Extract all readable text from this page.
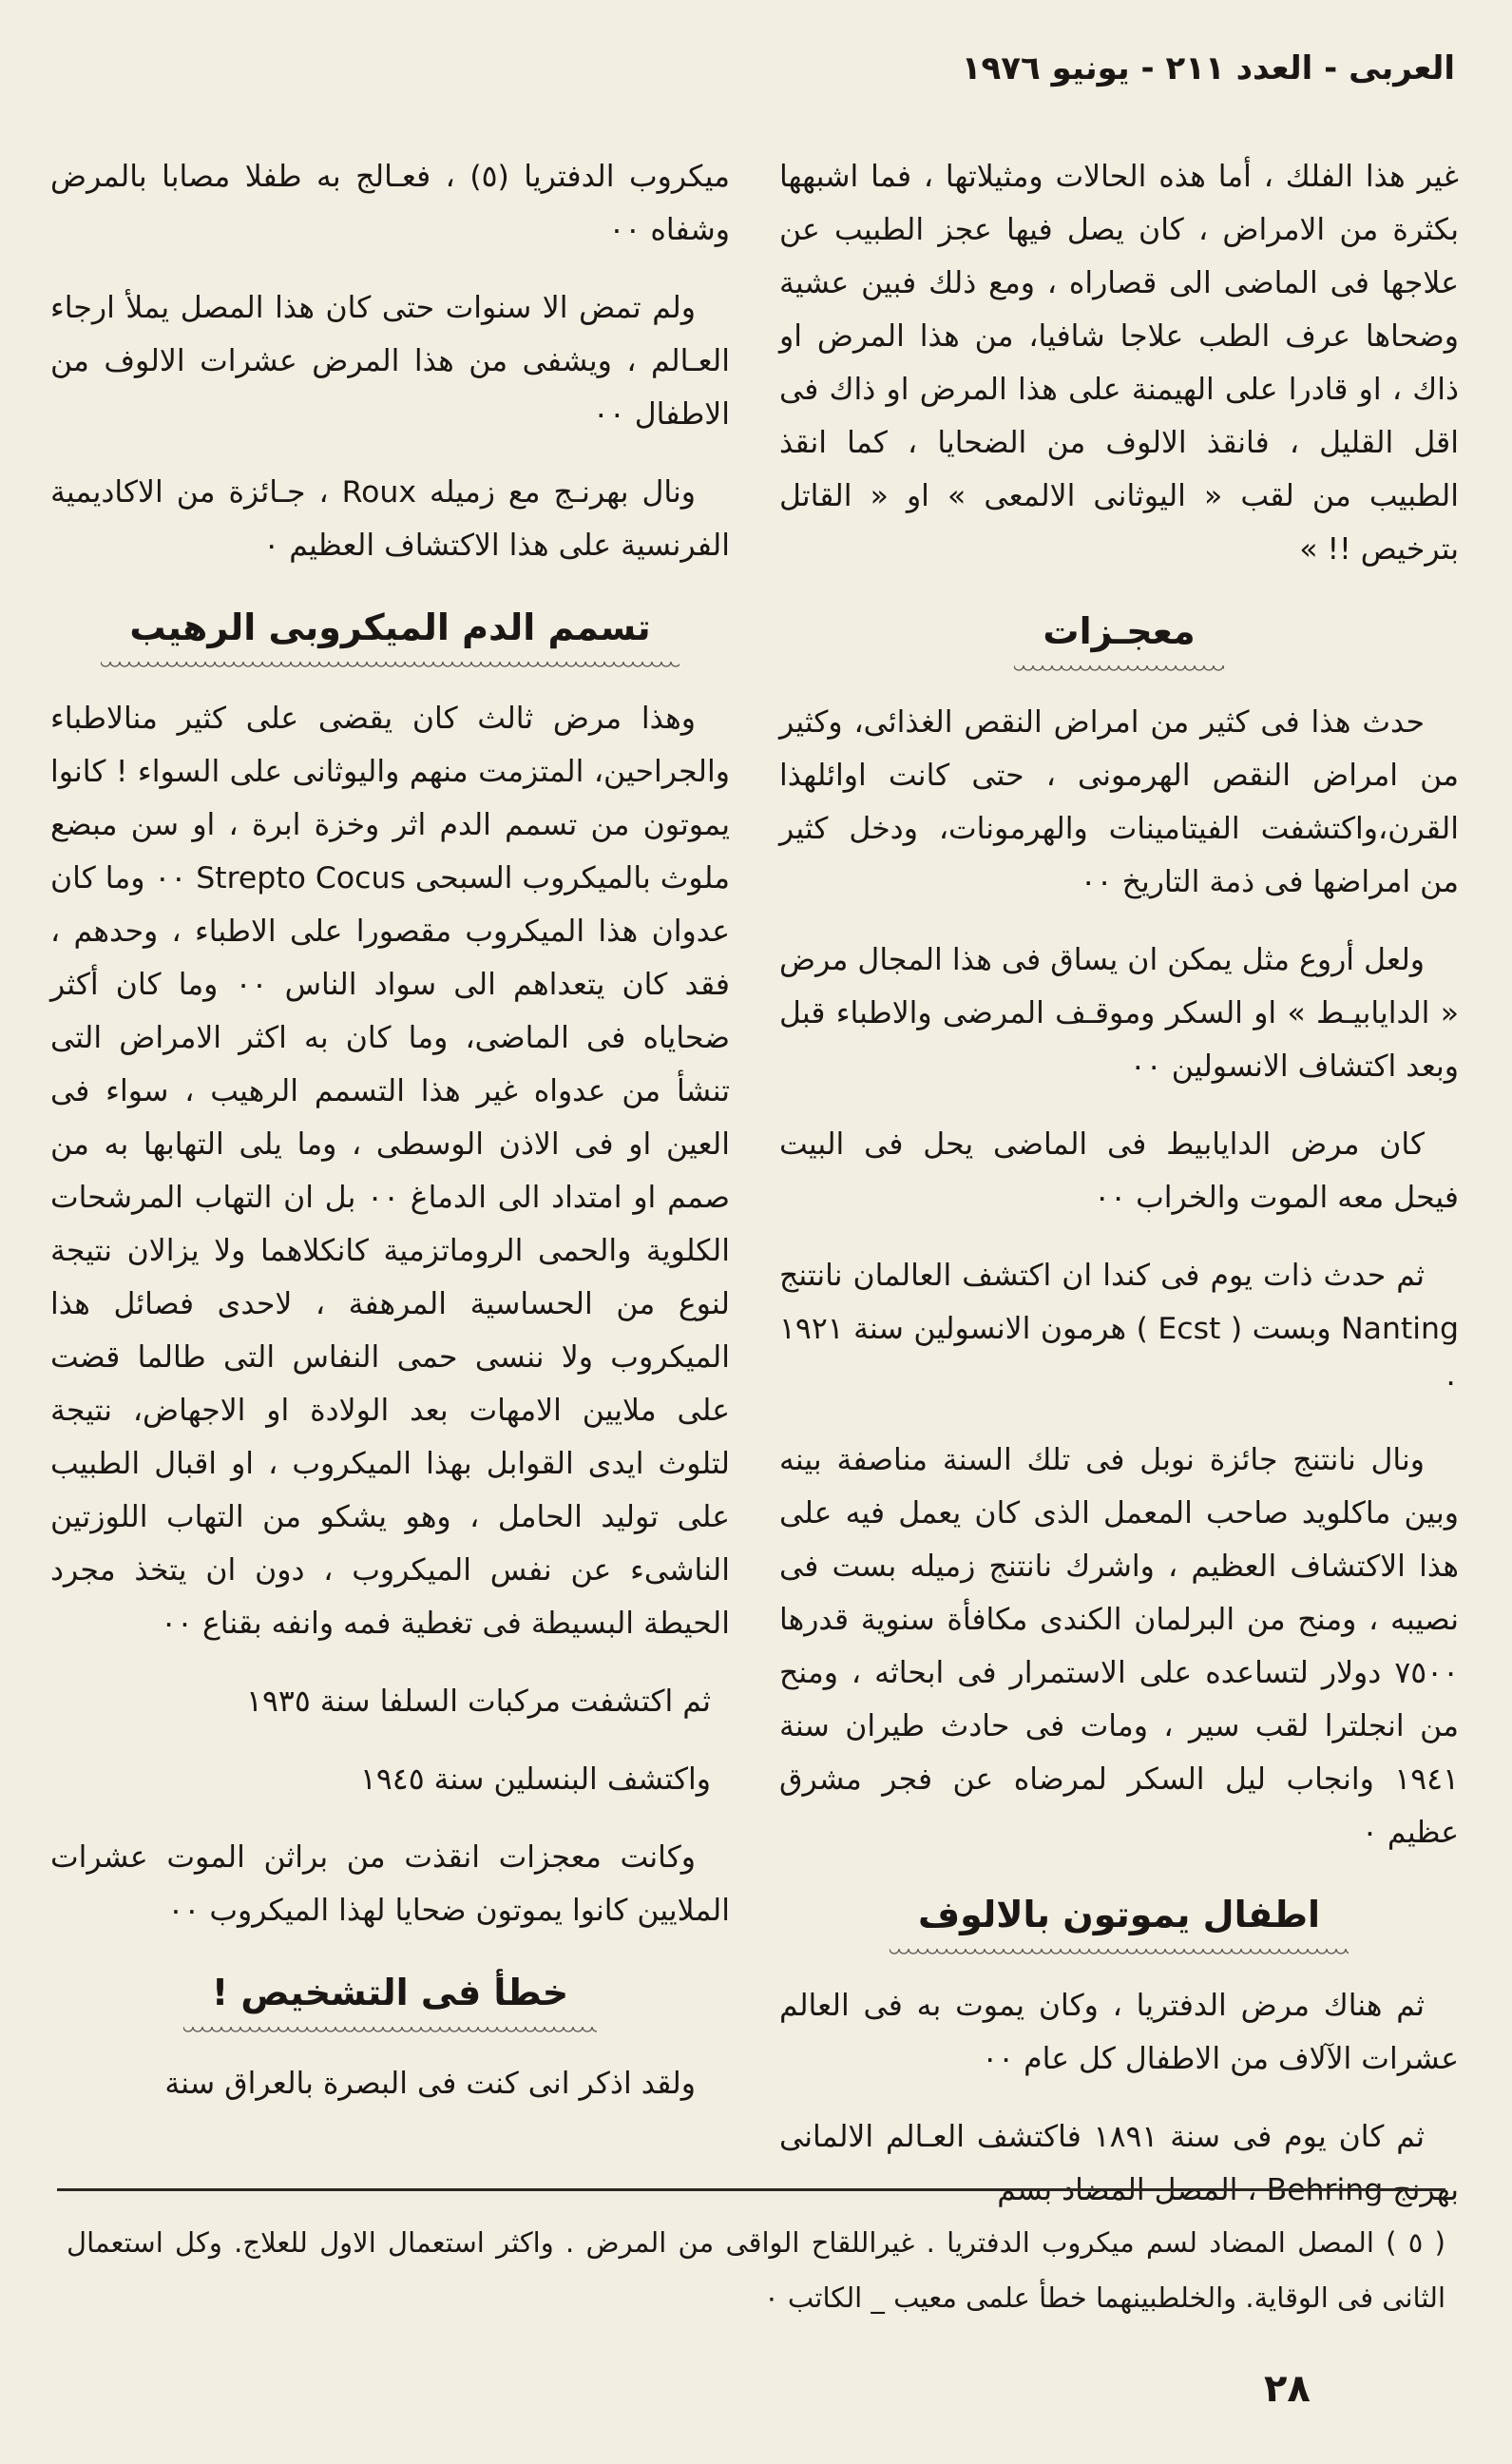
العربى - العدد ٢١١ - يونيو ١٩٧٦

غير هذا الفلك ، أما هذه الحالات ومثيلاتها ، فما اشبهها بكثرة من الامراض ، كان يصل فيها عجز الطبيب عن علاجها فى الماضى الى قصاراه ، ومع ذلك فبين عشية وضحاها عرف الطب علاجا شافيا، من هذا المرض او ذاك ، او قادرا على الهيمنة على هذا المرض او ذاك فى اقل القليل ، فانقذ الالوف من الضحايا ، كما انقذ الطبيب من لقب « اليوثانى الالمعى » او « القاتل بترخيص !! »

معجـزات

حدث هذا فى كثير من امراض النقص الغذائى، وكثير من امراض النقص الهرمونى ، حتى كانت اوائلهذا القرن،واكتشفت الفيتامينات والهرمونات، ودخل كثير من امراضها فى ذمة التاريخ ٠٠

ولعل أروع مثل يمكن ان يساق فى هذا المجال مرض « الدايابيـط » او السكر وموقـف المرضى والاطباء قبل وبعد اكتشاف الانسولين ٠٠

كان مرض الدايابيط فى الماضى يحل فى البيت فيحل معه الموت والخراب ٠٠

ثم حدث ذات يوم فى كندا ان اكتشف العالمان نانتنج Nanting وبست ( Ecst ) هرمون الانسولين سنة ١٩٢١ ٠

ونال نانتنج جائزة نوبل فى تلك السنة مناصفة بينه وبين ماكلويد صاحب المعمل الذى كان يعمل فيه على هذا الاكتشاف العظيم ، واشرك نانتنج زميله بست فى نصيبه ، ومنح من البرلمان الكندى مكافأة سنوية قدرها ٧٥٠٠ دولار لتساعده على الاستمرار فى ابحاثه ، ومنح من انجلترا لقب سير ، ومات فى حادث طيران سنة ١٩٤١ وانجاب ليل السكر لمرضاه عن فجر مشرق عظيم ٠

اطفال يموتون بالالوف

ثم هناك مرض الدفتريا ، وكان يموت به فى العالم عشرات الآلاف من الاطفال كل عام ٠٠

ثم كان يوم فى سنة ١٨٩١ فاكتشف العـالم الالمانى بهرنج Behring ، المصل المضاد بسم

ميكروب الدفتريا (٥) ، فعـالج به طفلا مصابا بالمرض وشفاه ٠٠

ولم تمض الا سنوات حتى كان هذا المصل يملأ ارجاء العـالم ، ويشفى من هذا المرض عشرات الالوف من الاطفال ٠٠

ونال بهرنـج مع زميله Roux ، جـائزة من الاكاديمية الفرنسية على هذا الاكتشاف العظيم ٠

تسمم الدم الميكروبى الرهيب

وهذا مرض ثالث كان يقضى على كثير منالاطباء والجراحين، المتزمت منهم واليوثانى على السواء ! كانوا يموتون من تسمم الدم اثر وخزة ابرة ، او سن مبضع ملوث بالميكروب السبحى Strepto Cocus ٠٠ وما كان عدوان هذا الميكروب مقصورا على الاطباء ، وحدهم ، فقد كان يتعداهم الى سواد الناس ٠٠ وما كان أكثر ضحاياه فى الماضى، وما كان به اكثر الامراض التى تنشأ من عدواه غير هذا التسمم الرهيب ، سواء فى العين او فى الاذن الوسطى ، وما يلى التهابها به من صمم او امتداد الى الدماغ ٠٠ بل ان التهاب المرشحات الكلوية والحمى الروماتزمية كانكلاهما ولا يزالان نتيجة لنوع من الحساسية المرهفة ، لاحدى فصائل هذا الميكروب ولا ننسى حمى النفاس التى طالما قضت على ملايين الامهات بعد الولادة او الاجهاض، نتيجة لتلوث ايدى القوابل بهذا الميكروب ، او اقبال الطبيب على توليد الحامل ، وهو يشكو من التهاب اللوزتين الناشىء عن نفس الميكروب ، دون ان يتخذ مجرد الحيطة البسيطة فى تغطية فمه وانفه بقناع ٠٠

ثم اكتشفت مركبات السلفا سنة ١٩٣٥

واكتشف البنسلين سنة ١٩٤٥

وكانت معجزات انقذت من براثن الموت عشرات الملايين كانوا يموتون ضحايا لهذا الميكروب ٠٠

خطأ فى التشخيص !

ولقد اذكر انى كنت فى البصرة بالعراق سنة

( ٥ ) المصل المضاد لسم ميكروب الدفتريا . غيراللقاح الواقى من المرض . واكثر استعمال الاول للعلاج. وكل استعمال الثانى فى الوقاية. والخلطبينهما خطأ علمى معيب _ الكاتب ٠

٢٨
